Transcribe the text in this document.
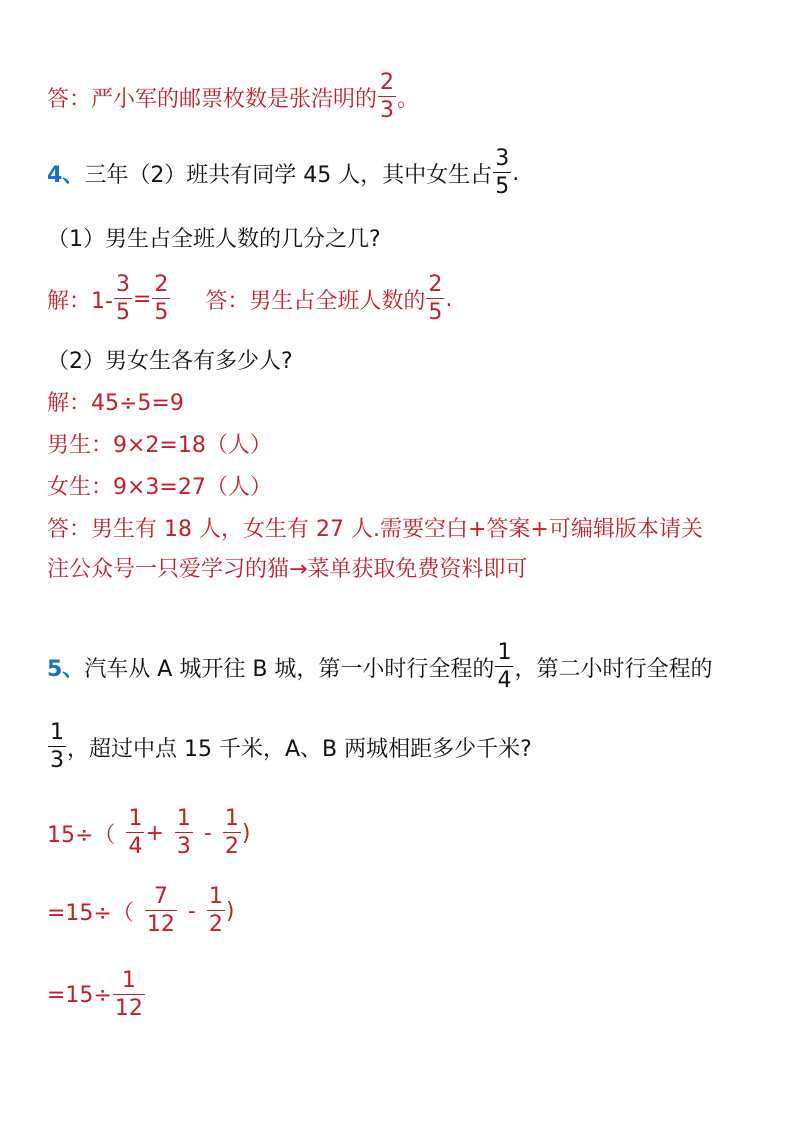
答：严小军的邮票枚数是张浩明的 $\frac{2}{3}$ 。
4、 三年（2）班共有同学 45 人，其中女生占 $\frac{3}{5}$ .
（1）男生占全班人数的几分之几?
解：$1- \frac{3}{5} = \frac{2}{5}$ 答：男生占全班人数的 $\frac{2}{5}$ .
（2）男女生各有多少人?
解：45÷5=9
男生：9×2=18（人）
女生：9×3=27（人）
答：男生有 18 人，女生有 27 人.需要空白+答案+可编辑版本请关
注公众号一只爱学习的猫→菜单获取免费资料即可
5、 汽车从 A 城开往 B 城，第一小时行全程的 $\frac{1}{4}$ ，第二小时行全程的
$\frac{1}{3}$ ，超过中点 15 千米，A、B 两城相距多少千米?
$15\div( \frac{1}{4} + \frac{1}{3} - \frac{1}{2}$ )
$=15\div( \frac{7}{12} - \frac{1}{2}$ )
$=15\div \frac{1}{12}$
